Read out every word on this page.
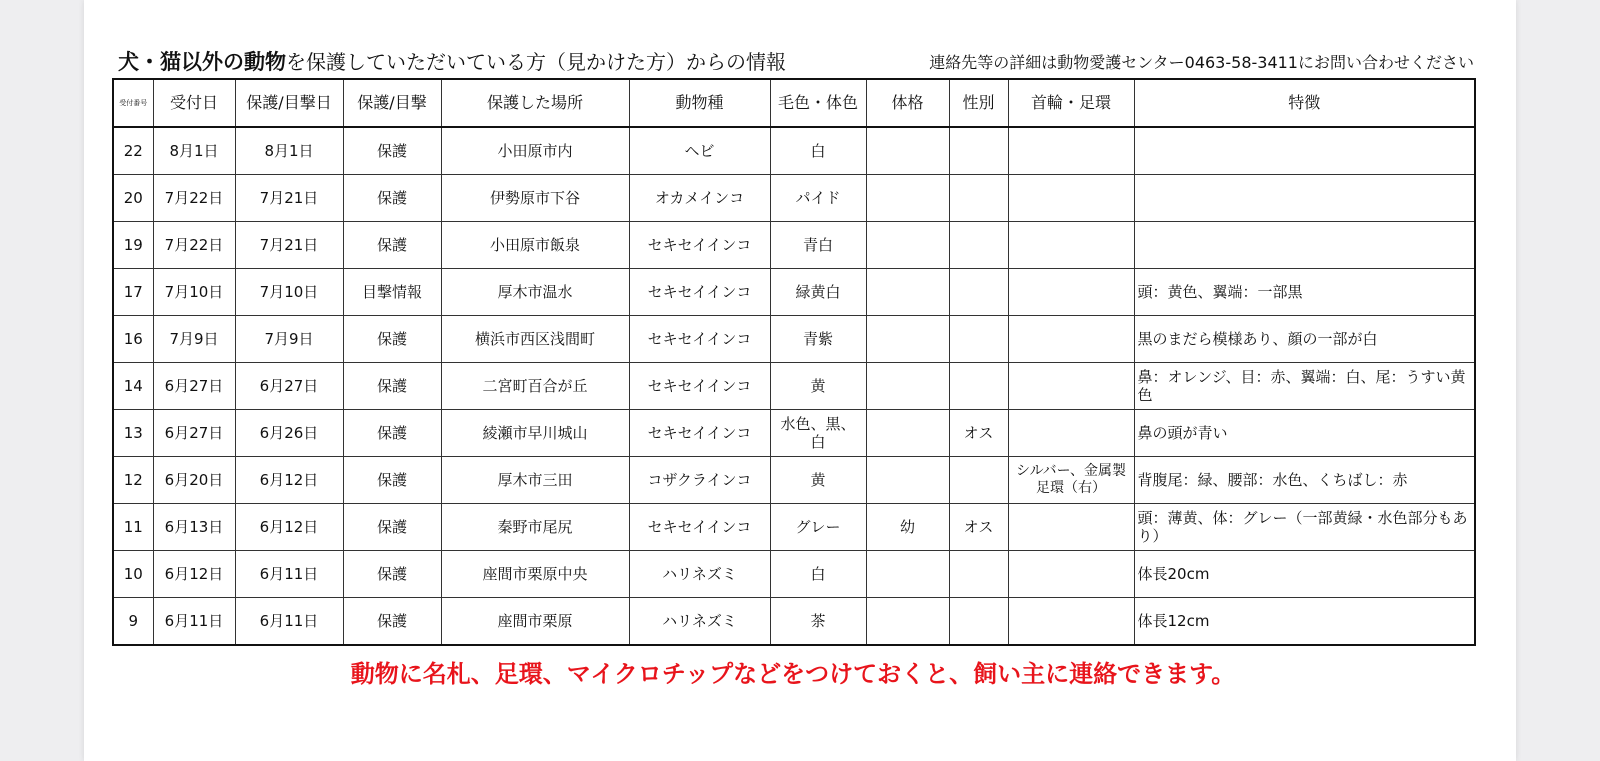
犬・猫以外の動物を保護していただいている方（見かけた方）からの情報	連絡先等の詳細は動物愛護センター0463-58-3411にお問い合わせください
受付番号	受付日	保護/目撃日	保護/目撃	保護した場所	動物種	毛色・体色	体格	性別	首輪・足環	特徴
22	8月1日	8月1日	保護	小田原市内	ヘビ	白				
20	7月22日	7月21日	保護	伊勢原市下谷	オカメインコ	パイド				
19	7月22日	7月21日	保護	小田原市飯泉	セキセイインコ	青白				
17	7月10日	7月10日	目撃情報	厚木市温水	セキセイインコ	緑黄白				頭：黄色、翼端：一部黒
16	7月9日	7月9日	保護	横浜市西区浅間町	セキセイインコ	青紫				黒のまだら模様あり、顔の一部が白
14	6月27日	6月27日	保護	二宮町百合が丘	セキセイインコ	黄				鼻：オレンジ、目：赤、翼端：白、尾：うすい黄色
13	6月27日	6月26日	保護	綾瀬市早川城山	セキセイインコ	水色、黒、白		オス		鼻の頭が青い
12	6月20日	6月12日	保護	厚木市三田	コザクラインコ	黄			シルバー、金属製足環（右）	背腹尾：緑、腰部：水色、くちばし：赤
11	6月13日	6月12日	保護	秦野市尾尻	セキセイインコ	グレー	幼	オス		頭：薄黄、体：グレー（一部黄緑・水色部分もあり）
10	6月12日	6月11日	保護	座間市栗原中央	ハリネズミ	白				体長20cm
9	6月11日	6月11日	保護	座間市栗原	ハリネズミ	茶				体長12cm
動物に名札、足環、マイクロチップなどをつけておくと、飼い主に連絡できます。
